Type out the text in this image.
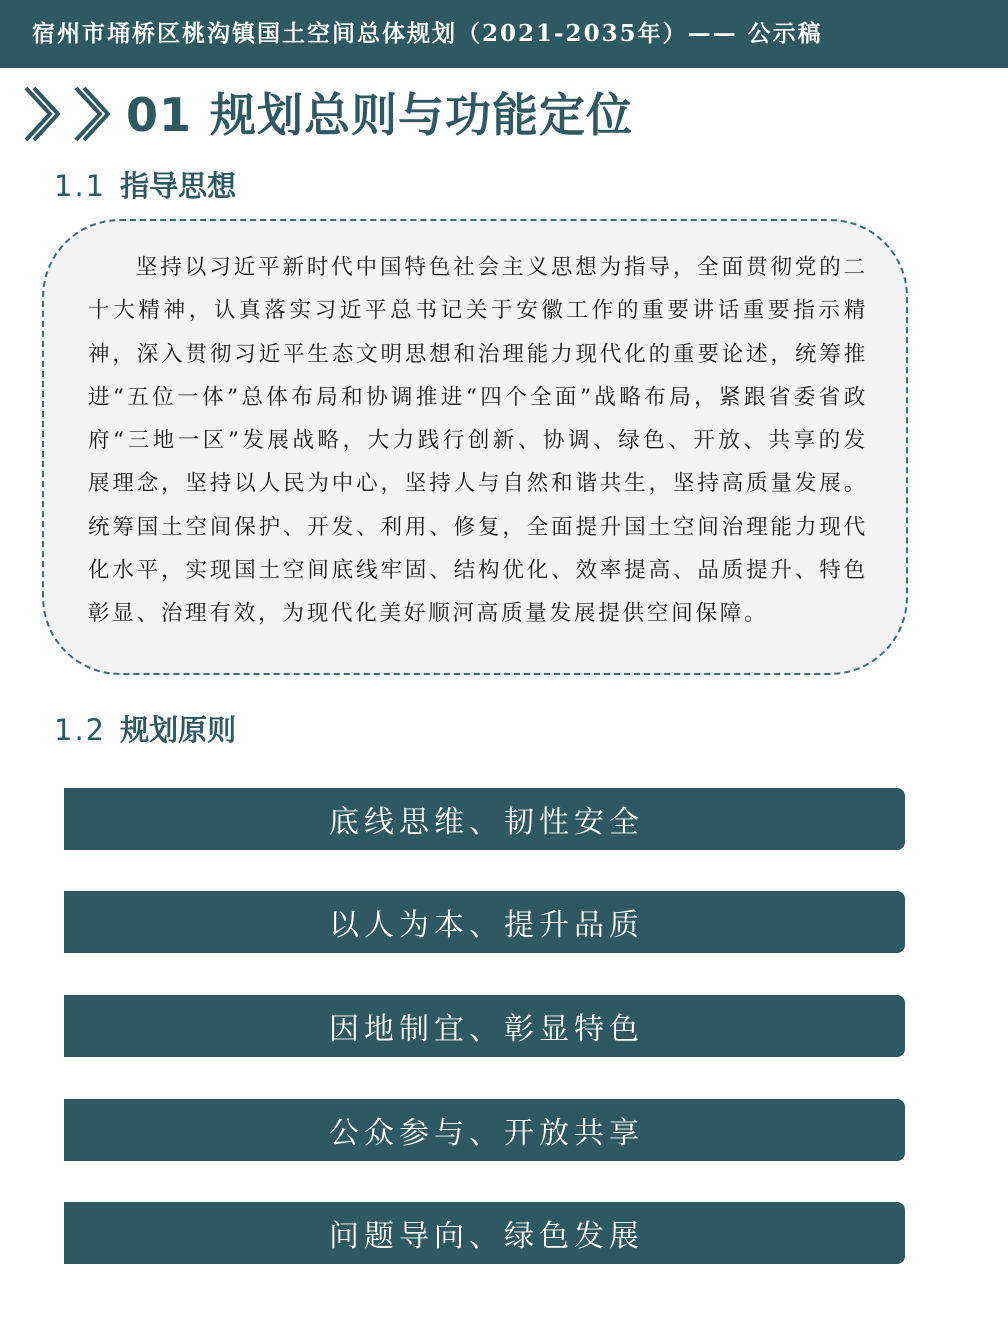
宿州市埇桥区桃沟镇国土空间总体规划（2021-2035年）—— 公示稿
01 规划总则与功能定位
1.1 指导思想

坚持以习近平新时代中国特色社会主义思想为指导，全面贯彻党的二十大精神，认真落实习近平总书记关于安徽工作的重要讲话重要指示精神，深入贯彻习近平生态文明思想和治理能力现代化的重要论述，统筹推进“五位一体”总体布局和协调推进“四个全面”战略布局，紧跟省委省政府“三地一区”发展战略，大力践行创新、协调、绿色、开放、共享的发展理念，坚持以人民为中心，坚持人与自然和谐共生，坚持高质量发展。统筹国土空间保护、开发、利用、修复，全面提升国土空间治理能力现代化水平，实现国土空间底线牢固、结构优化、效率提高、品质提升、特色彰显、治理有效，为现代化美好顺河高质量发展提供空间保障。

1.2 规划原则
底线思维、韧性安全
以人为本、提升品质
因地制宜、彰显特色
公众参与、开放共享
问题导向、绿色发展
